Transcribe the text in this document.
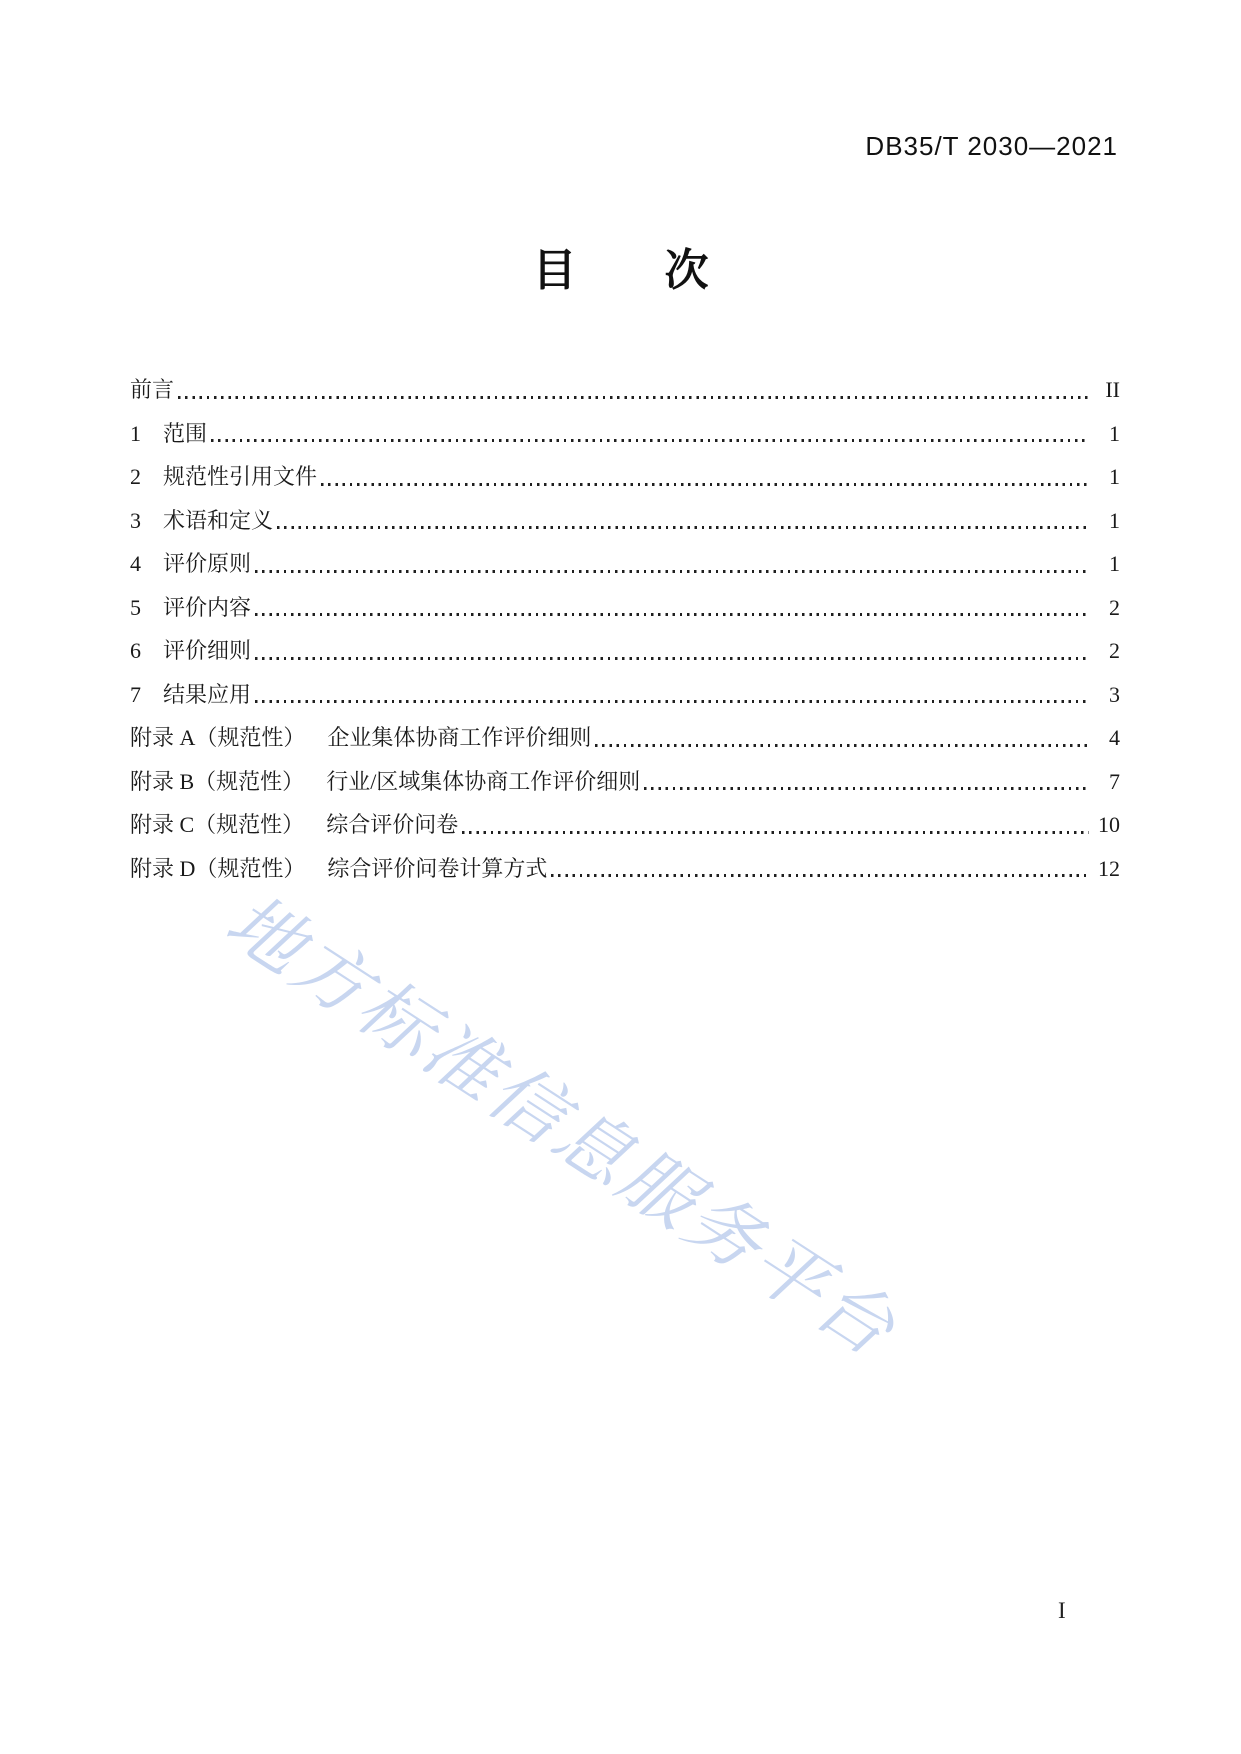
DB35/T 2030—2021
目　　次
前言	II
1 范围	1
2 规范性引用文件	1
3 术语和定义	1
4 评价原则	1
5 评价内容	2
6 评价细则	2
7 结果应用	3
附录 A（规范性） 企业集体协商工作评价细则	4
附录 B（规范性） 行业/区域集体协商工作评价细则	7
附录 C（规范性） 综合评价问卷	10
附录 D（规范性） 综合评价问卷计算方式	12
地方标准信息服务平台
I
